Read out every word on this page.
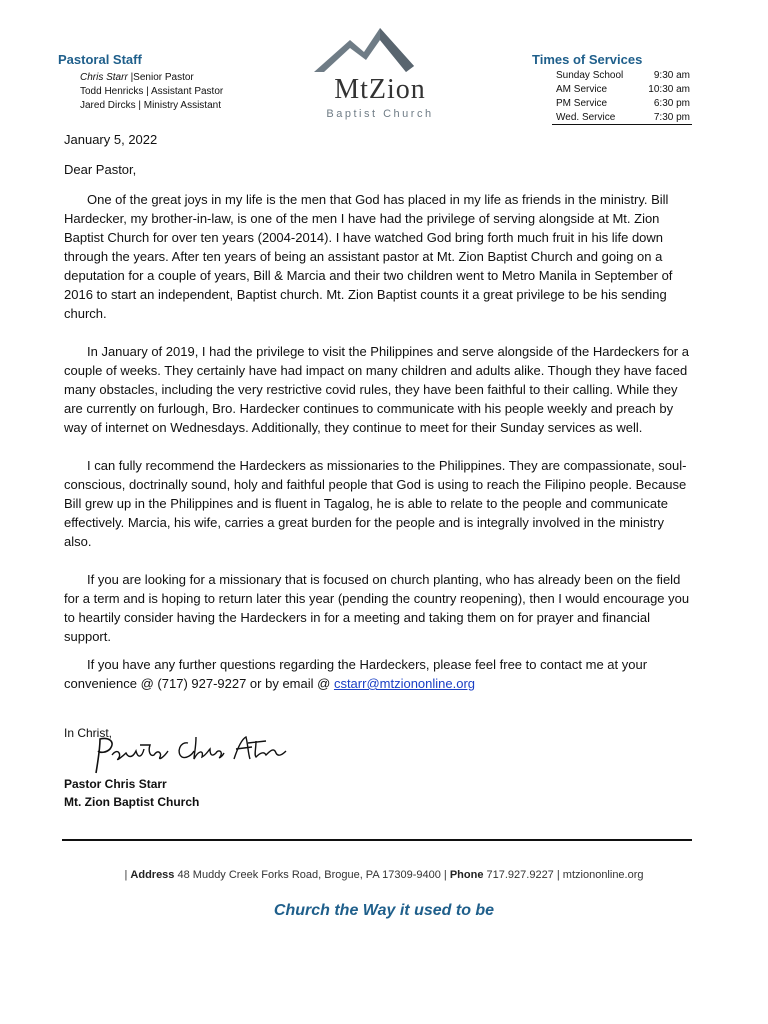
Pastoral Staff

Chris Starr |Senior Pastor
Todd Henricks | Assistant Pastor
Jared Dircks | Ministry Assistant
MtZion
Baptist Church

Times of Services

Sunday School	9:30 am
AM Service	10:30 am
PM Service	6:30 pm
Wed. Service	7:30 pm

January 5, 2022

Dear Pastor,

One of the great joys in my life is the men that God has placed in my life as friends in the ministry. Bill Hardecker, my brother-in-law, is one of the men I have had the privilege of serving alongside at Mt. Zion Baptist Church for over ten years (2004-2014). I have watched God bring forth much fruit in his life down through the years. After ten years of being an assistant pastor at Mt. Zion Baptist Church and going on a deputation for a couple of years, Bill & Marcia and their two children went to Metro Manila in September of 2016 to start an independent, Baptist church. Mt. Zion Baptist counts it a great privilege to be his sending church.

In January of 2019, I had the privilege to visit the Philippines and serve alongside of the Hardeckers for a couple of weeks. They certainly have had impact on many children and adults alike. Though they have faced many obstacles, including the very restrictive covid rules, they have been faithful to their calling. While they are currently on furlough, Bro. Hardecker continues to communicate with his people weekly and preach by way of internet on Wednesdays. Additionally, they continue to meet for their Sunday services as well.

I can fully recommend the Hardeckers as missionaries to the Philippines. They are compassionate, soul-conscious, doctrinally sound, holy and faithful people that God is using to reach the Filipino people. Because Bill grew up in the Philippines and is fluent in Tagalog, he is able to relate to the people and communicate effectively. Marcia, his wife, carries a great burden for the people and is integrally involved in the ministry also.

If you are looking for a missionary that is focused on church planting, who has already been on the field for a term and is hoping to return later this year (pending the country reopening), then I would encourage you to heartily consider having the Hardeckers in for a meeting and taking them on for prayer and financial support.

If you have any further questions regarding the Hardeckers, please feel free to contact me at your convenience @ (717) 927-9227 or by email @ cstarr@mtziononline.org

In Christ,
Pastor Chris Starr
Mt. Zion Baptist Church
| Address 48 Muddy Creek Forks Road, Brogue, PA 17309-9400 | Phone 717.927.9227 | mtziononline.org
Church the Way it used to be
